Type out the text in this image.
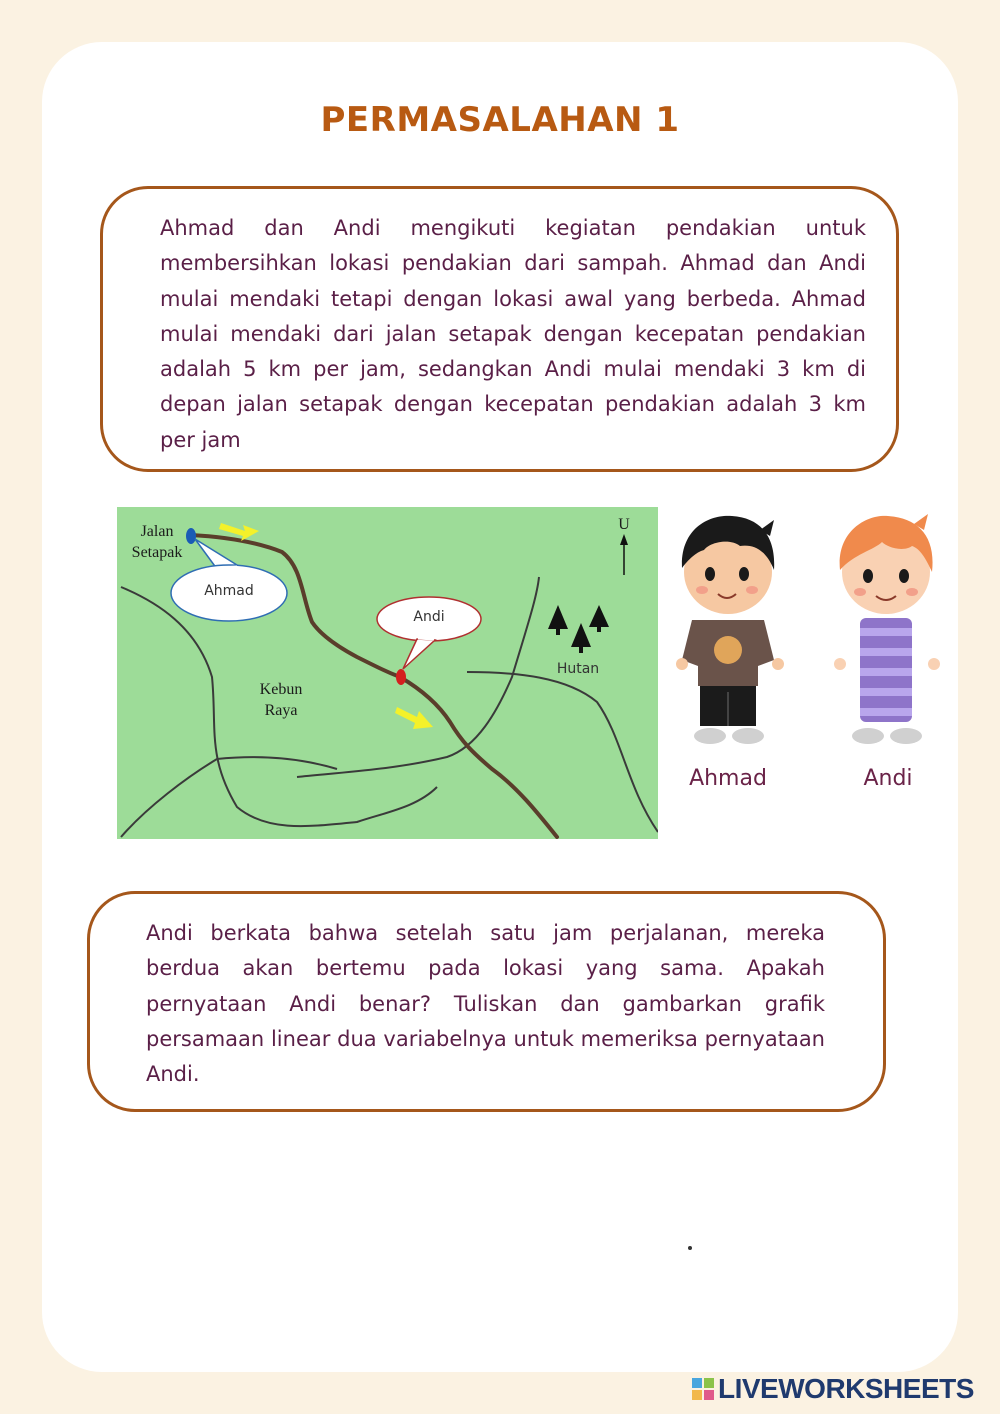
PERMASALAHAN 1

Ahmad dan Andi mengikuti kegiatan pendakian untuk membersihkan lokasi pendakian dari sampah. Ahmad dan Andi mulai mendaki tetapi dengan lokasi awal yang berbeda. Ahmad mulai mendaki dari jalan setapak dengan kecepatan pendakian adalah 5 km per jam, sedangkan Andi mulai mendaki 3 km di depan jalan setapak dengan kecepatan pendakian adalah 3 km per jam

Jalan
Setapak
Ahmad
Andi
Kebun
Raya
Hutan
U
Ahmad	Andi

Andi berkata bahwa setelah satu jam perjalanan, mereka berdua akan bertemu pada lokasi yang sama. Apakah pernyataan Andi benar? Tuliskan dan gambarkan grafik persamaan linear dua variabelnya untuk memeriksa pernyataan Andi.

LIVEWORKSHEETS
